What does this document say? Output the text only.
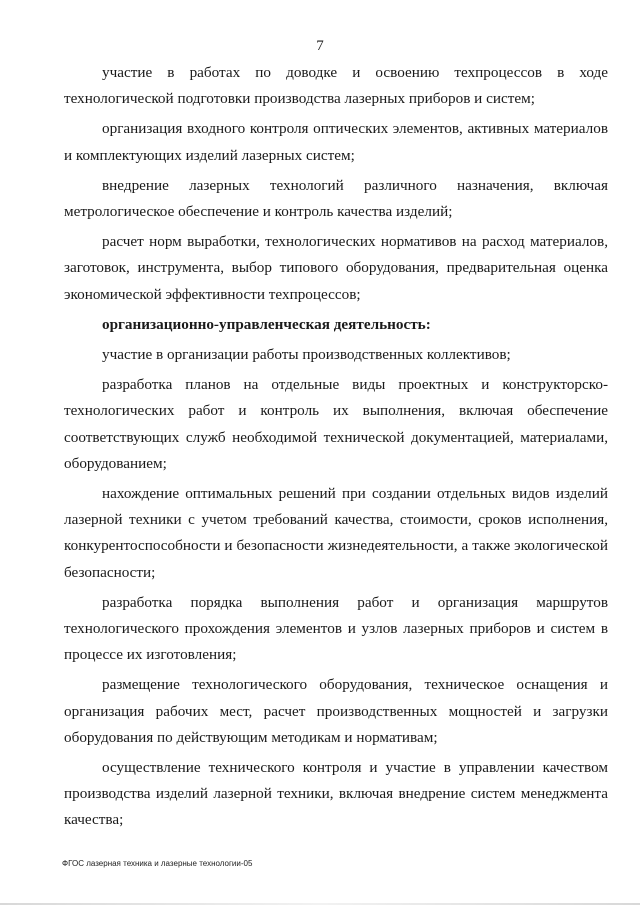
7

участие в работах по доводке и освоению техпроцессов в ходе технологической подготовки производства лазерных приборов и систем;

организация входного контроля оптических элементов, активных материалов и комплектующих изделий лазерных систем;

внедрение лазерных технологий различного назначения, включая метрологическое обеспечение и контроль качества изделий;

расчет норм выработки, технологических нормативов на расход материалов, заготовок, инструмента, выбор типового оборудования, предварительная оценка экономической эффективности техпроцессов;

организационно-управленческая деятельность:

участие в организации работы производственных коллективов;

разработка планов на отдельные виды проектных и конструкторско-технологических работ и контроль их выполнения, включая обеспечение соответствующих служб необходимой технической документацией, материалами, оборудованием;

нахождение оптимальных решений при создании отдельных видов изделий лазерной техники с учетом требований качества, стоимости, сроков исполнения, конкурентоспособности и безопасности жизнедеятельности, а также экологической безопасности;

разработка порядка выполнения работ и организация маршрутов технологического прохождения элементов и узлов лазерных приборов и систем в процессе их изготовления;

размещение технологического оборудования, техническое оснащения и организация рабочих мест, расчет производственных мощностей и загрузки оборудования по действующим методикам и нормативам;

осуществление технического контроля и участие в управлении качеством производства изделий лазерной техники, включая внедрение систем менеджмента качества;

ФГОС лазерная техника и лазерные технологии-05
